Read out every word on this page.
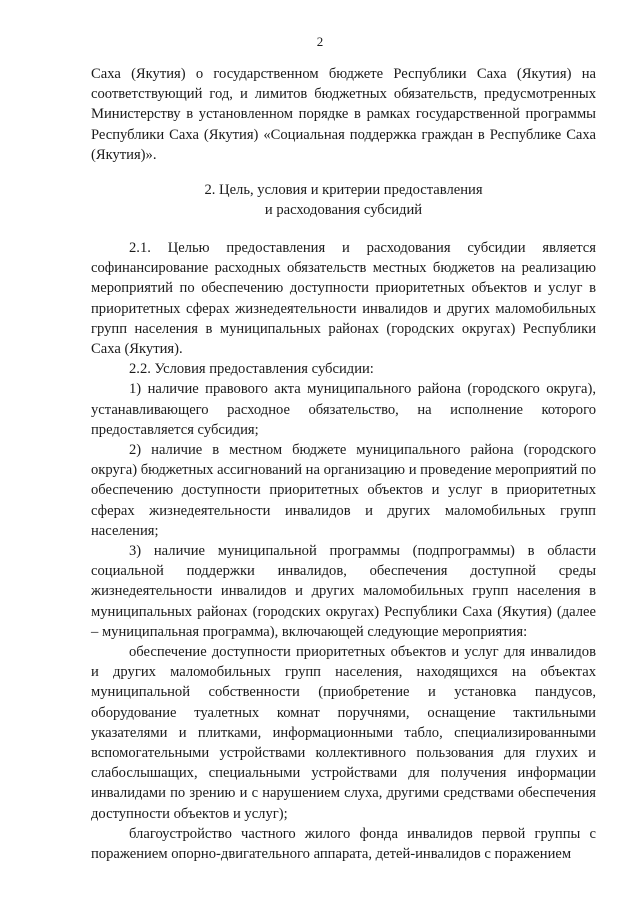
2

Саха (Якутия) о государственном бюджете Республики Саха (Якутия) на соответствующий год, и лимитов бюджетных обязательств, предусмотренных Министерству в установленном порядке в рамках государственной программы Республики Саха (Якутия) «Социальная поддержка граждан в Республике Саха (Якутия)».

2. Цель, условия и критерии предоставления
и расходования субсидий

2.1. Целью предоставления и расходования субсидии является софинансирование расходных обязательств местных бюджетов на реализацию мероприятий по обеспечению доступности приоритетных объектов и услуг в приоритетных сферах жизнедеятельности инвалидов и других маломобильных групп населения в муниципальных районах (городских округах) Республики Саха (Якутия).

2.2. Условия предоставления субсидии:

1) наличие правового акта муниципального района (городского округа), устанавливающего расходное обязательство, на исполнение которого предоставляется субсидия;

2) наличие в местном бюджете муниципального района (городского округа) бюджетных ассигнований на организацию и проведение мероприятий по обеспечению доступности приоритетных объектов и услуг в приоритетных сферах жизнедеятельности инвалидов и других маломобильных групп населения;

3) наличие муниципальной программы (подпрограммы) в области социальной поддержки инвалидов, обеспечения доступной среды жизнедеятельности инвалидов и других маломобильных групп населения в муниципальных районах (городских округах) Республики Саха (Якутия) (далее – муниципальная программа), включающей следующие мероприятия:

обеспечение доступности приоритетных объектов и услуг для инвалидов и других маломобильных групп населения, находящихся на объектах муниципальной собственности (приобретение и установка пандусов, оборудование туалетных комнат поручнями, оснащение тактильными указателями и плитками, информационными табло, специализированными вспомогательными устройствами коллективного пользования для глухих и слабослышащих, специальными устройствами для получения информации инвалидами по зрению и с нарушением слуха, другими средствами обеспечения доступности объектов и услуг);

благоустройство частного жилого фонда инвалидов первой группы с поражением опорно-двигательного аппарата, детей-инвалидов с поражением
